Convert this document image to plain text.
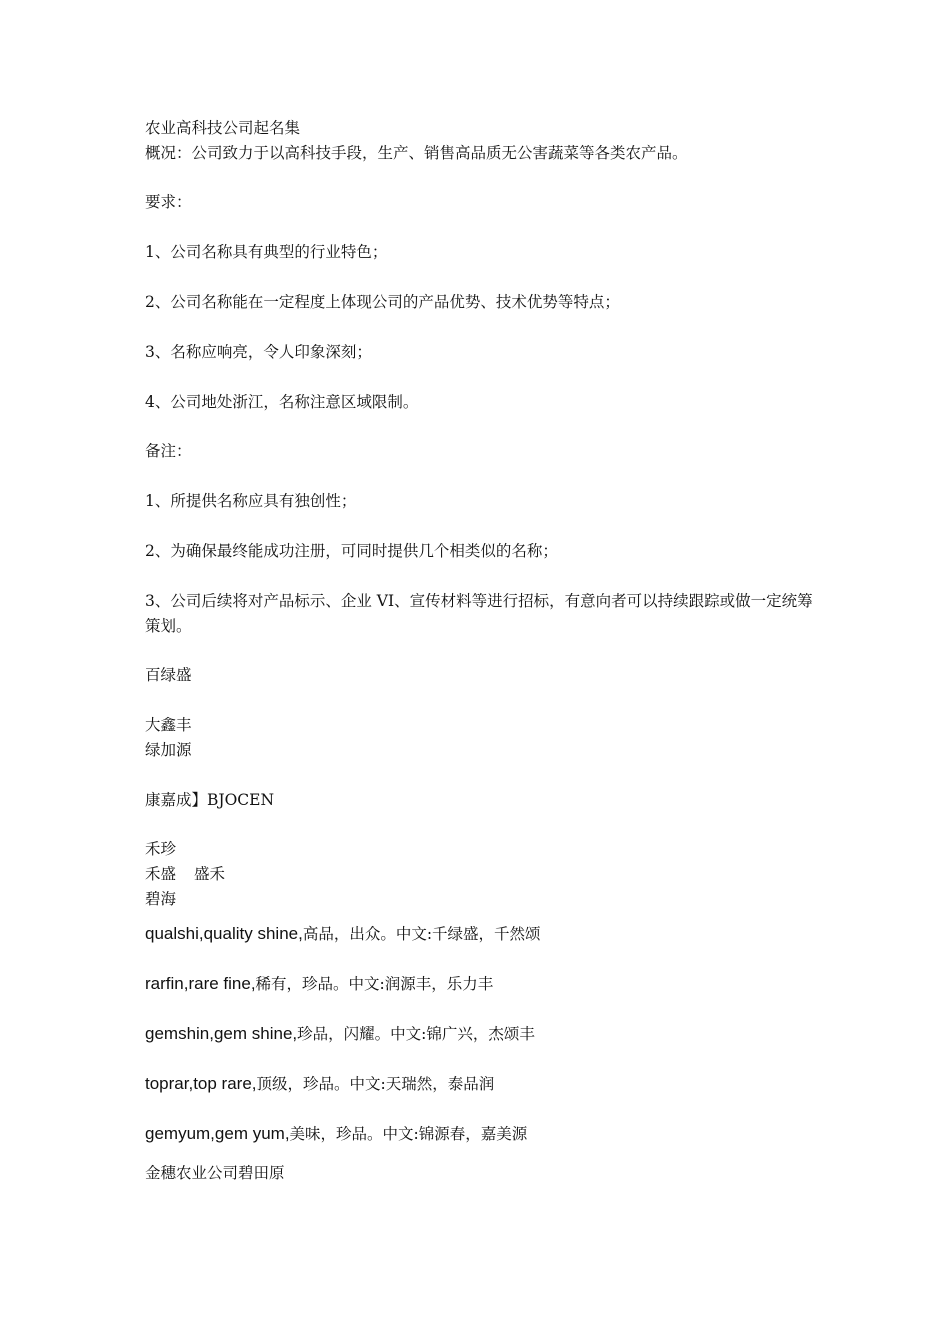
农业高科技公司起名集

概况：公司致力于以高科技手段，生产、销售高品质无公害蔬菜等各类农产品。

要求：

1、公司名称具有典型的行业特色；

2、公司名称能在一定程度上体现公司的产品优势、技术优势等特点；

3、名称应响亮，令人印象深刻；

4、公司地处浙江，名称注意区域限制。

备注：

1、所提供名称应具有独创性；

2、为确保最终能成功注册，可同时提供几个相类似的名称；

3、公司后续将对产品标示、企业 VI、宣传材料等进行招标，有意向者可以持续跟踪或做一定统筹策划。

百绿盛

大鑫丰

绿加源

康嘉成】BJOCEN

禾珍

禾盛 盛禾

碧海

qualshi,quality shine,高品，出众。中文:千绿盛，千然颂

rarfin,rare fine,稀有，珍品。中文:润源丰，乐力丰

gemshin,gem shine,珍品，闪耀。中文:锦广兴，杰颂丰

toprar,top rare,顶级，珍品。中文:天瑞然，泰品润

gemyum,gem yum,美味，珍品。中文:锦源春，嘉美源

金穗农业公司碧田原
